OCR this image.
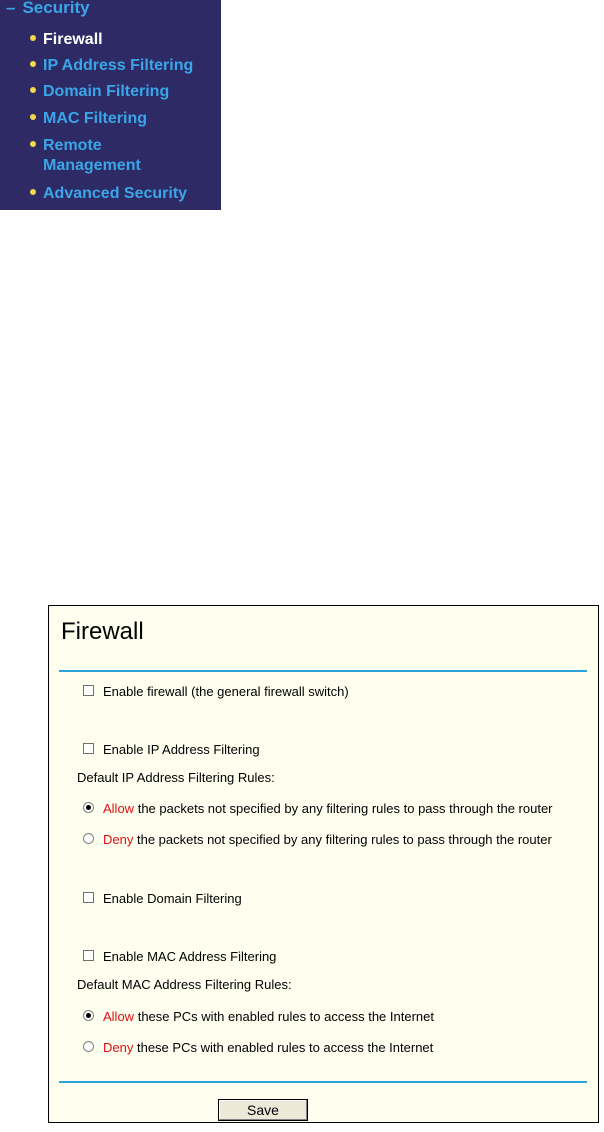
– Security
Firewall
IP Address Filtering
Domain Filtering
MAC Filtering
Remote
Management
Advanced Security
Firewall
Enable firewall (the general firewall switch)
Enable IP Address Filtering
Default IP Address Filtering Rules:
Allow the packets not specified by any filtering rules to pass through the router
Deny the packets not specified by any filtering rules to pass through the router
Enable Domain Filtering
Enable MAC Address Filtering
Default MAC Address Filtering Rules:
Allow these PCs with enabled rules to access the Internet
Deny these PCs with enabled rules to access the Internet
Save
